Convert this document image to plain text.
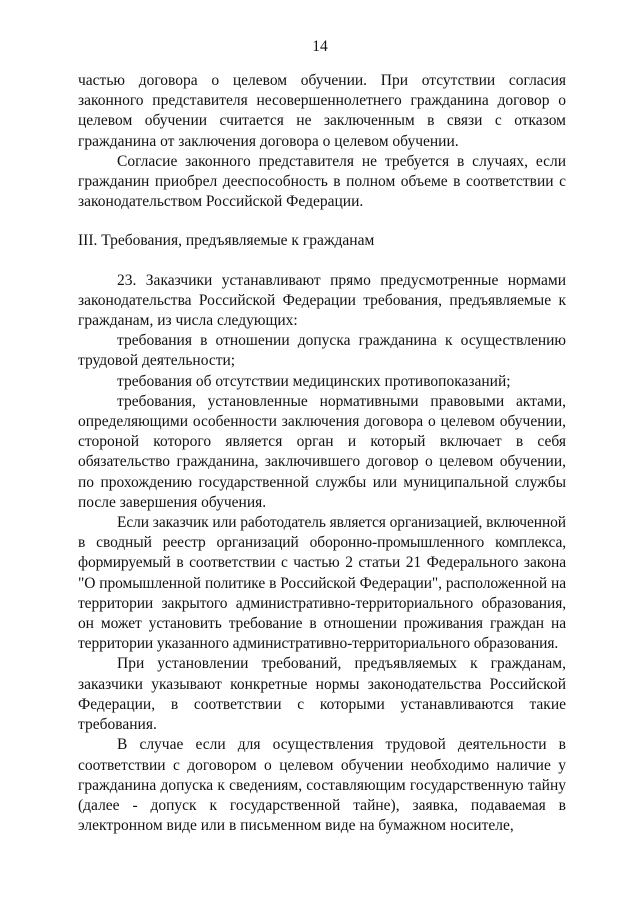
14

частью договора о целевом обучении. При отсутствии согласия законного представителя несовершеннолетнего гражданина договор о целевом обучении считается не заключенным в связи с отказом гражданина от заключения договора о целевом обучении.

Согласие законного представителя не требуется в случаях, если гражданин приобрел дееспособность в полном объеме в соответствии с законодательством Российской Федерации.

III. Требования, предъявляемые к гражданам

23. Заказчики устанавливают прямо предусмотренные нормами законодательства Российской Федерации требования, предъявляемые к гражданам, из числа следующих:

требования в отношении допуска гражданина к осуществлению трудовой деятельности;

требования об отсутствии медицинских противопоказаний;

требования, установленные нормативными правовыми актами, определяющими особенности заключения договора о целевом обучении, стороной которого является орган и который включает в себя обязательство гражданина, заключившего договор о целевом обучении, по прохождению государственной службы или муниципальной службы после завершения обучения.

Если заказчик или работодатель является организацией, включенной в сводный реестр организаций оборонно-промышленного комплекса, формируемый в соответствии с частью 2 статьи 21 Федерального закона "О промышленной политике в Российской Федерации", расположенной на территории закрытого административно-территориального образования, он может установить требование в отношении проживания граждан на территории указанного административно-территориального образования.

При установлении требований, предъявляемых к гражданам, заказчики указывают конкретные нормы законодательства Российской Федерации, в соответствии с которыми устанавливаются такие требования.

В случае если для осуществления трудовой деятельности в соответствии с договором о целевом обучении необходимо наличие у гражданина допуска к сведениям, составляющим государственную тайну (далее - допуск к государственной тайне), заявка, подаваемая в электронном виде или в письменном виде на бумажном носителе,
